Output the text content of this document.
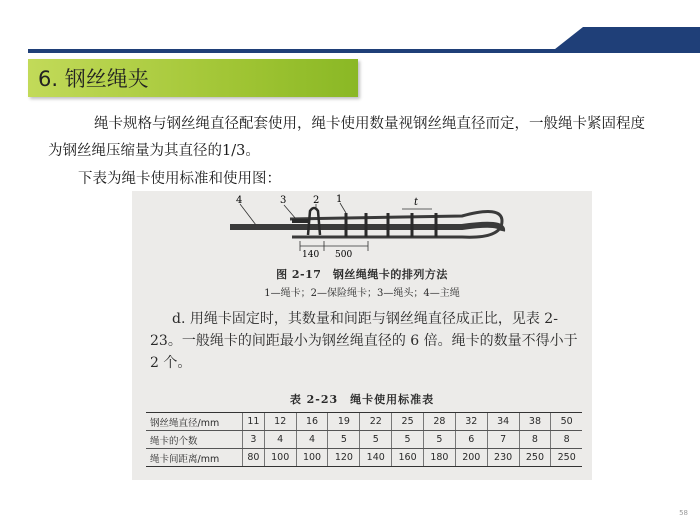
6. 钢丝绳夹

绳卡规格与钢丝绳直径配套使用，绳卡使用数量视钢丝绳直径而定，一般绳卡紧固程度为钢丝绳压缩量为其直径的1/3。

下表为绳卡使用标准和使用图：

4	3	2 1	t
140 500
图 2-17　钢丝绳绳卡的排列方法
1—绳卡；2—保险绳卡；3—绳头；4—主绳

d. 用绳卡固定时，其数量和间距与钢丝绳直径成正比，见表 2-23。一般绳卡的间距最小为钢丝绳直径的 6 倍。绳卡的数量不得小于 2 个。

表 2-23　绳卡使用标准表
钢丝绳直径/mm	11	12	16	19	22	25	28	32	34	38	50
绳卡的个数	3	4	4	5	5	5	5	6	7	8	8
绳卡间距离/mm	80	100	100	120	140	160	180	200	230	250	250
58
